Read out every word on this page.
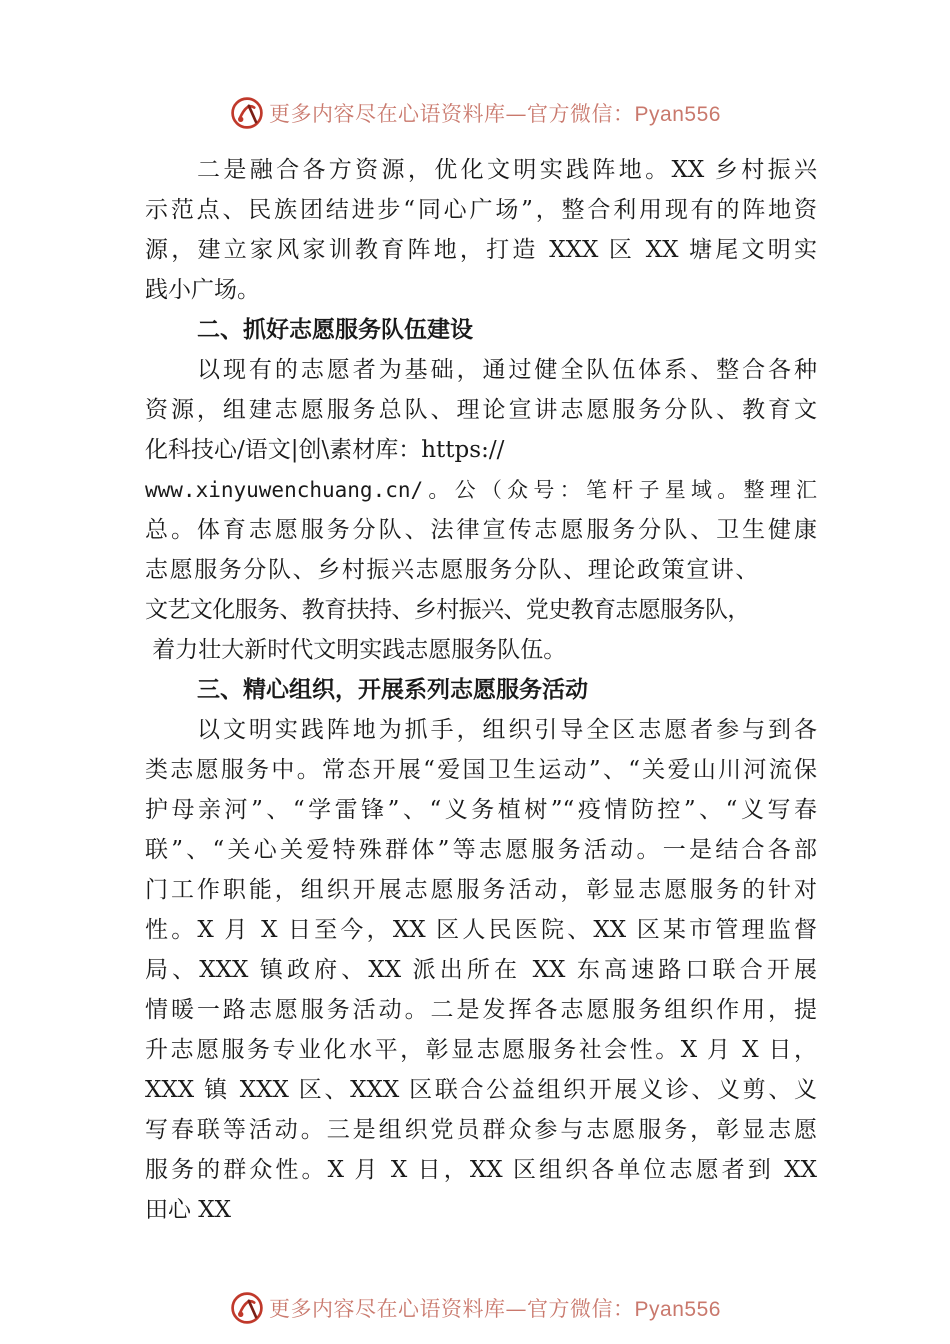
更多内容尽在心语资料库—官方微信：Pyan556
二是融合各方资源，优化文明实践阵地。XX 乡村振兴
示范点、民族团结进步“同心广场”，整合利用现有的阵地资
源，建立家风家训教育阵地，打造 XXX 区 XX 塘尾文明实
践小广场。
二、抓好志愿服务队伍建设
以现有的志愿者为基础，通过健全队伍体系、整合各种
资源，组建志愿服务总队、理论宣讲志愿服务分队、教育文
化科技心/语文|创\素材库：https://
www.xinyuwenchuang.cn/。公（众号：笔杆子星域。整理汇
总。体育志愿服务分队、法律宣传志愿服务分队、卫生健康
志愿服务分队、乡村振兴志愿服务分队、理论政策宣讲、
文艺文化服务、教育扶持、乡村振兴、党史教育志愿服务队，
着力壮大新时代文明实践志愿服务队伍。
三、精心组织，开展系列志愿服务活动
以文明实践阵地为抓手，组织引导全区志愿者参与到各
类志愿服务中。常态开展“爱国卫生运动”、“关爱山川河流保
护母亲河”、“学雷锋”、“义务植树”“疫情防控”、“义写春
联”、“关心关爱特殊群体”等志愿服务活动。一是结合各部
门工作职能，组织开展志愿服务活动，彰显志愿服务的针对
性。X 月 X 日至今，XX 区人民医院、XX 区某市管理监督
局、XXX 镇政府、XX 派出所在 XX 东高速路口联合开展
情暖一路志愿服务活动。二是发挥各志愿服务组织作用，提
升志愿服务专业化水平，彰显志愿服务社会性。X 月 X 日，
XXX 镇 XXX 区、XXX 区联合公益组织开展义诊、义剪、义
写春联等活动。三是组织党员群众参与志愿服务，彰显志愿
服务的群众性。X 月 X 日，XX 区组织各单位志愿者到 XX
田心 XX
更多内容尽在心语资料库—官方微信：Pyan556
